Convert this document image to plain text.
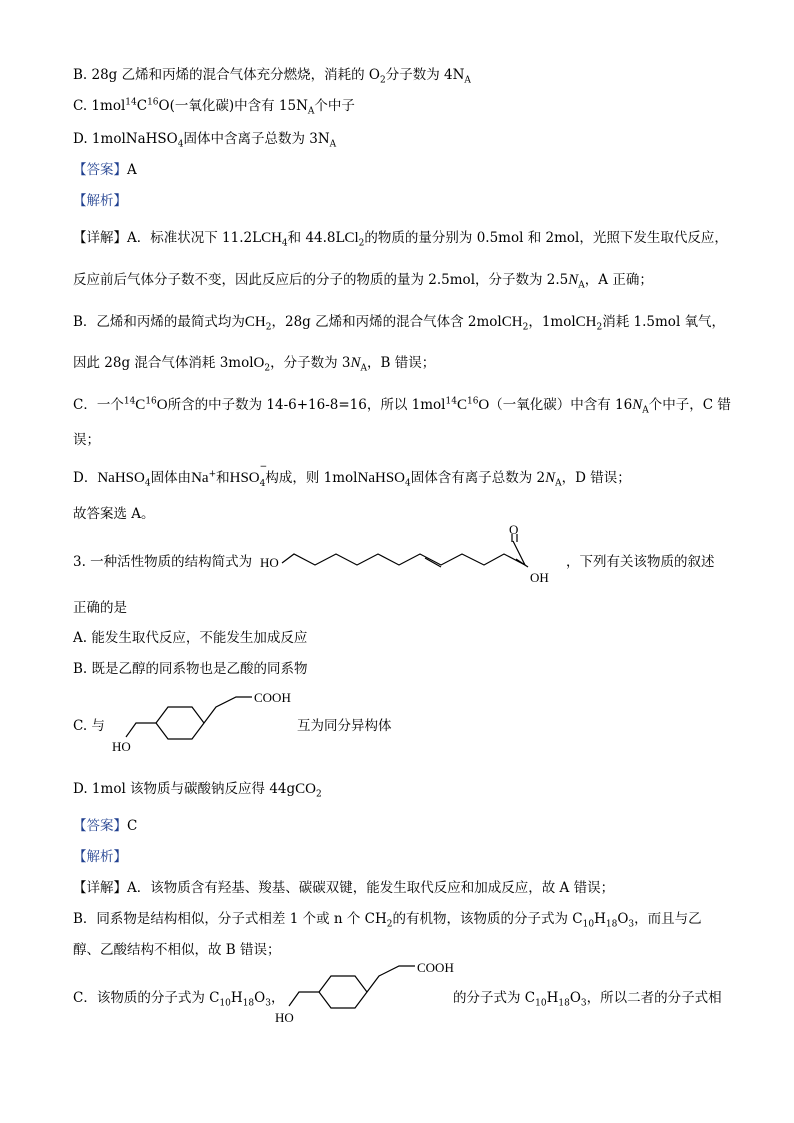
B. 28g 乙烯和丙烯的混合气体充分燃烧，消耗的 $O_2$分子数为 $4N_A$
C. $1mol^{14}C^{16}O$(一氧化碳)中含有 $15N_A$个中子
D. 1molNaHSO$_4$固体中含离子总数为 $3N_A$
【答案】A
【解析】
【详解】A．标准状况下 $11.2LCH_4$和 44.8LCl$_2$的物质的量分别为 0.5mol 和 2mol，光照下发生取代反应，
反应前后气体分子数不变，因此反应后的分子的物质的量为 2.5mol，分子数为 $2.5N_A$，A 正确；
B．乙烯和丙烯的最简式均为$CH_2$，28g 乙烯和丙烯的混合气体含 2molCH$_2$，1molCH$_2$消耗 1.5mol 氧气，
因此 28g 混合气体消耗 3molO$_2$，分子数为 $3N_A$，B 错误；
C．一个$^{14}C^{16}O$所含的中子数为 14-6+16-8=16，所以 $1mol^{14}C^{16}O$（一氧化碳）中含有 $16N_A$个中子，C 错
误；
D．NaHSO$_4$固体由Na+和$HSO_{4 -}$
构成，则 1molNaHSO$_4$固体含有离子总数为 $2N_A$，D 错误；
故答案选 A。
3. 一种活性物质的结构简式为 HO
O
OH
，下列有关该物质的叙述
正确的是
A. 能发生取代反应，不能发生加成反应
B. 既是乙醇的同系物也是乙酸的同系物
C. 与
HO
COOH
互为同分异构体
D. 1mol 该物质与碳酸钠反应得 44gCO$_2$
【答案】C
【解析】
【详解】A．该物质含有羟基、羧基、碳碳双键，能发生取代反应和加成反应，故 A 错误；
B．同系物是结构相似，分子式相差 1 个或 n 个 $CH_2$的有机物，该物质的分子式为 $C_{10}H_{18}O_3$，而且与乙
醇、乙酸结构不相似，故 B 错误；
C．该物质的分子式为 $C_{10}H_{18}O_3$，
HO
COOH
的分子式为 $C_{10}H_{18}O_3$，所以二者的分子式相
